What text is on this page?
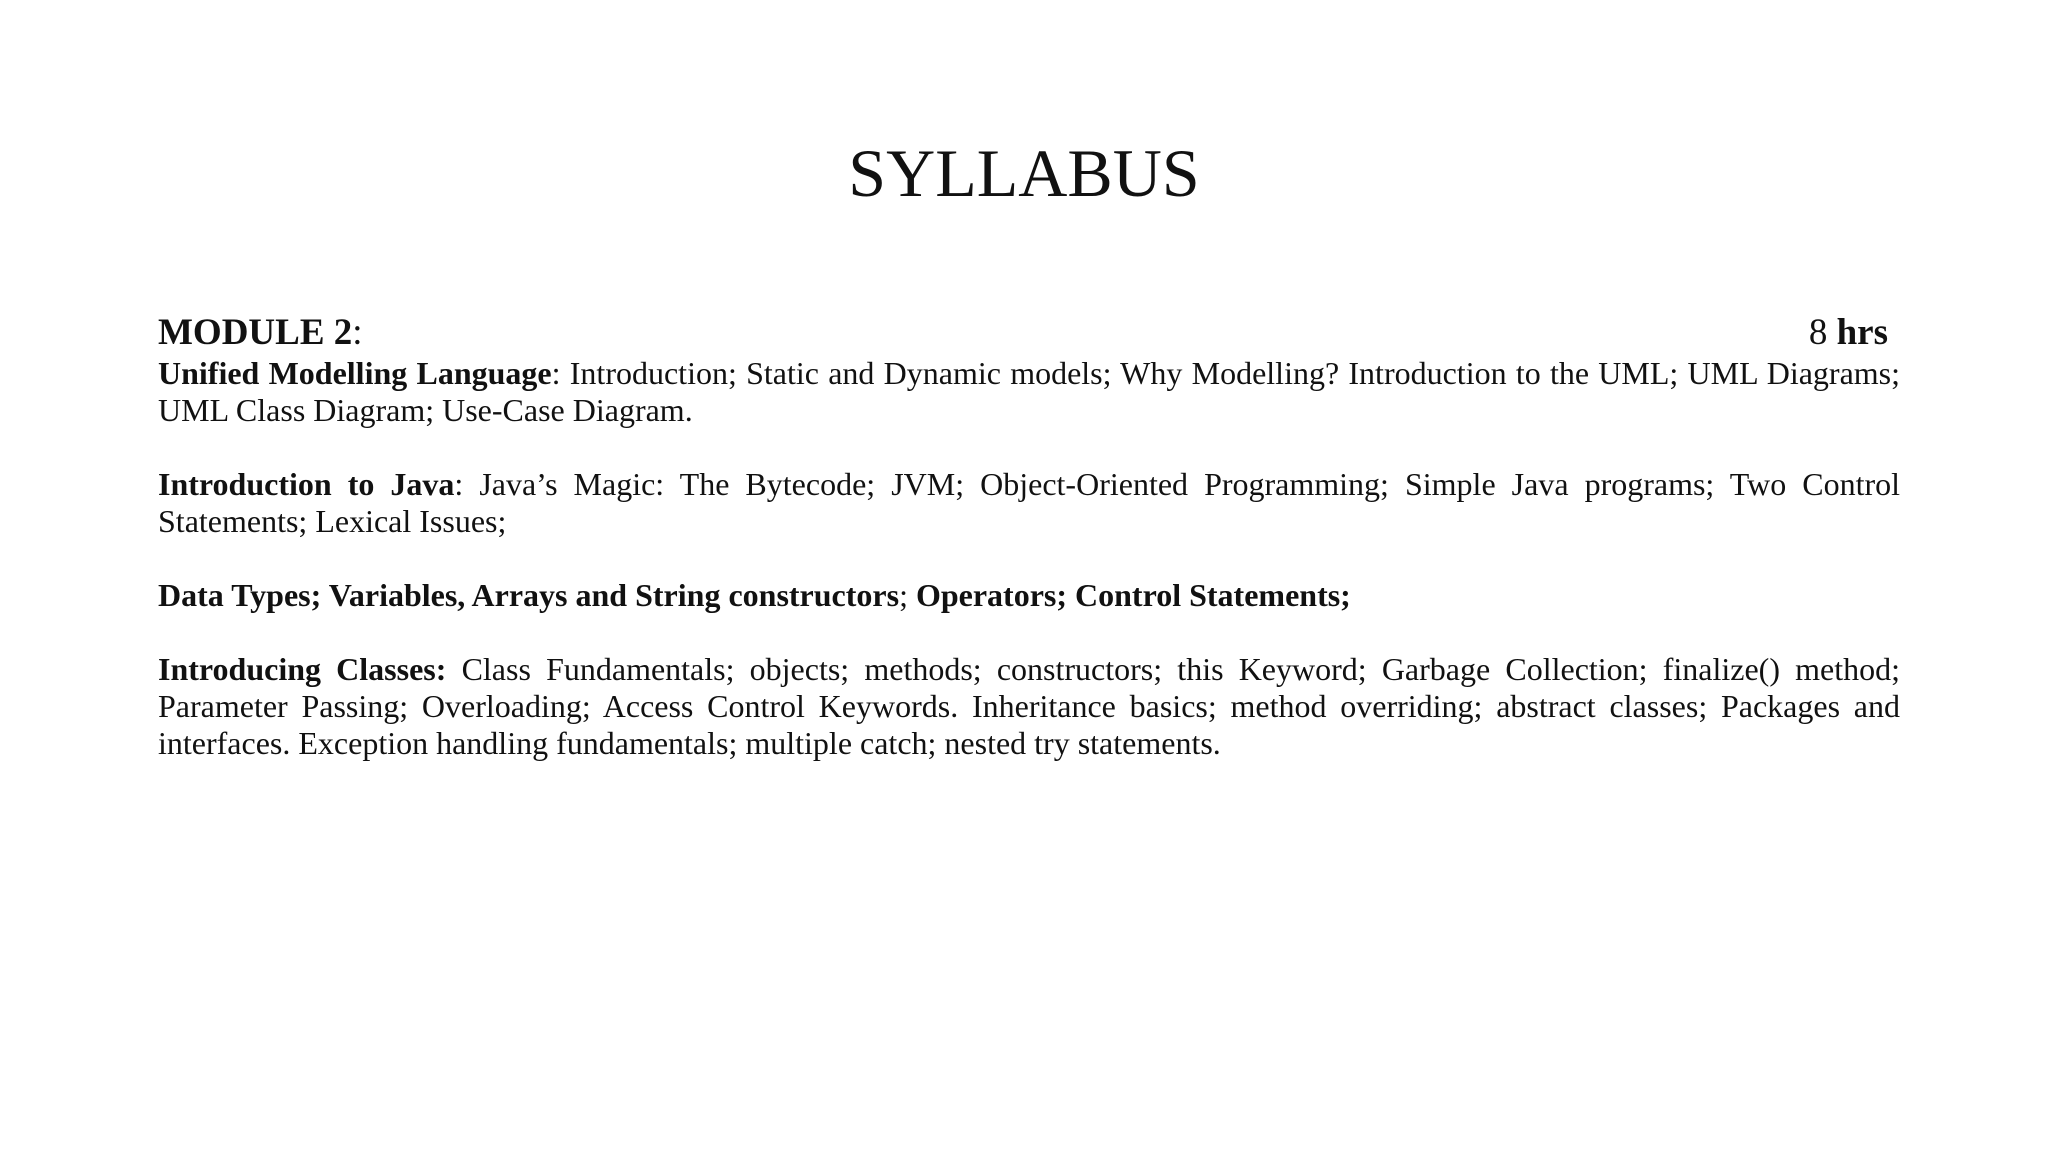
SYLLABUS
MODULE 2:	8 hrs

Unified Modelling Language: Introduction; Static and Dynamic models; Why Modelling? Introduction to the UML; UML Diagrams; UML Class Diagram; Use-Case Diagram.

Introduction to Java: Java’s Magic: The Bytecode; JVM; Object-Oriented Programming; Simple Java programs; Two Control Statements; Lexical Issues;

Data Types; Variables, Arrays and String constructors; Operators; Control Statements;

Introducing Classes: Class Fundamentals; objects; methods; constructors; this Keyword; Garbage Collection; finalize() method; Parameter Passing; Overloading; Access Control Keywords. Inheritance basics; method overriding; abstract classes; Packages and interfaces. Exception handling fundamentals; multiple catch; nested try statements.
